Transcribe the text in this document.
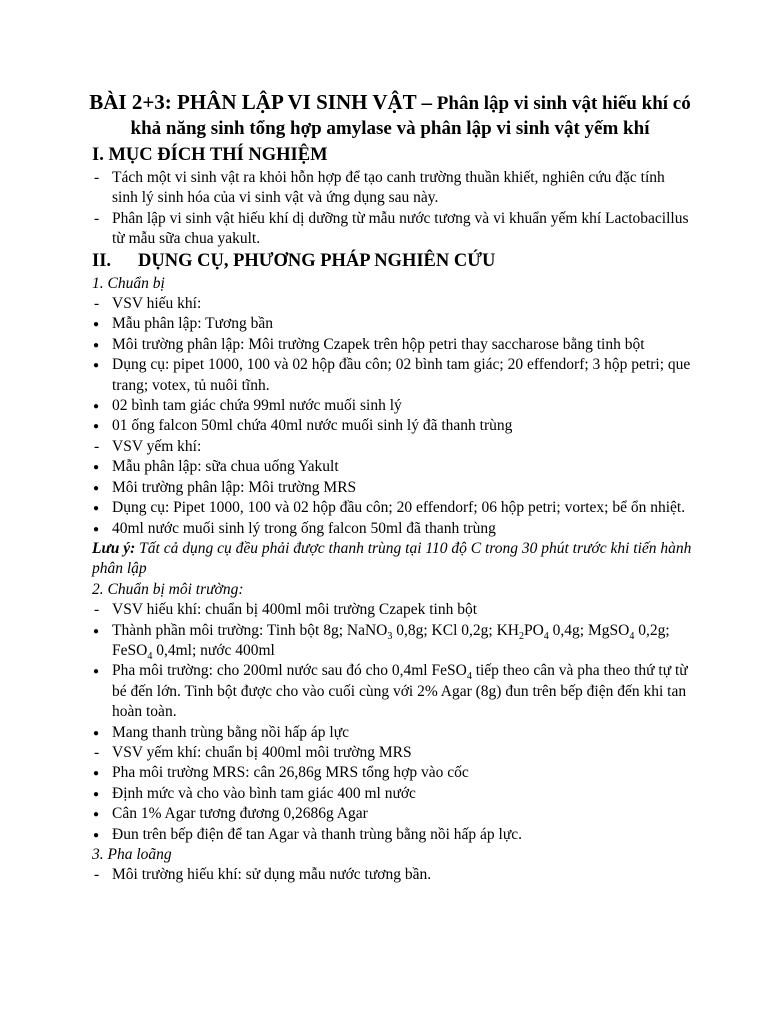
BÀI 2+3: PHÂN LẬP VI SINH VẬT – Phân lập vi sinh vật hiếu khí có khả năng sinh tổng hợp amylase và phân lập vi sinh vật yếm khí
I. MỤC ĐÍCH THÍ NGHIỆM
Tách một vi sinh vật ra khỏi hỗn hợp để tạo canh trường thuần khiết, nghiên cứu đặc tính sinh lý sinh hóa của vi sinh vật và ứng dụng sau này.
Phân lập vi sinh vật hiếu khí dị dưỡng từ mẫu nước tương và vi khuẩn yếm khí Lactobacillus từ mẫu sữa chua yakult.
II. DỤNG CỤ, PHƯƠNG PHÁP NGHIÊN CỨU
1. Chuẩn bị
VSV hiếu khí:
Mẫu phân lập: Tương bần
Môi trường phân lập: Môi trường Czapek trên hộp petri thay saccharose bằng tinh bột
Dụng cụ: pipet 1000, 100 và 02 hộp đầu côn; 02 bình tam giác; 20 effendorf; 3 hộp petri; que trang; votex, tủ nuôi tĩnh.
02 bình tam giác chứa 99ml nước muối sinh lý
01 ống falcon 50ml chứa 40ml nước muối sinh lý đã thanh trùng
VSV yếm khí:
Mẫu phân lập: sữa chua uống Yakult
Môi trường phân lập: Môi trường MRS
Dụng cụ: Pipet 1000, 100 và 02 hộp đầu côn; 20 effendorf; 06 hộp petri; vortex; bể ổn nhiệt.
40ml nước muối sinh lý trong ống falcon 50ml đã thanh trùng
Lưu ý: Tất cả dụng cụ đều phải được thanh trùng tại 110 độ C trong 30 phút trước khi tiến hành phân lập
2. Chuẩn bị môi trường:
VSV hiếu khí: chuẩn bị 400ml môi trường Czapek tinh bột
Thành phần môi trường: Tinh bột 8g; NaNO$_3$ 0,8g; KCl 0,2g; $KH_2PO_4$ 0,4g; MgSO$_4$ 0,2g; FeSO$_4$ 0,4ml; nước 400ml
Pha môi trường: cho 200ml nước sau đó cho 0,4ml FeSO$_4$ tiếp theo cân và pha theo thứ tự từ bé đến lớn. Tinh bột được cho vào cuối cùng với 2% Agar (8g) đun trên bếp điện đến khi tan hoàn toàn.
Mang thanh trùng bằng nồi hấp áp lực
VSV yếm khí: chuẩn bị 400ml môi trường MRS
Pha môi trường MRS: cân 26,86g MRS tổng hợp vào cốc
Định mức và cho vào bình tam giác 400 ml nước
Cân 1% Agar tương đương 0,2686g Agar
Đun trên bếp điện để tan Agar và thanh trùng bằng nồi hấp áp lực.
3. Pha loãng
Môi trường hiếu khí: sử dụng mẫu nước tương bần.
